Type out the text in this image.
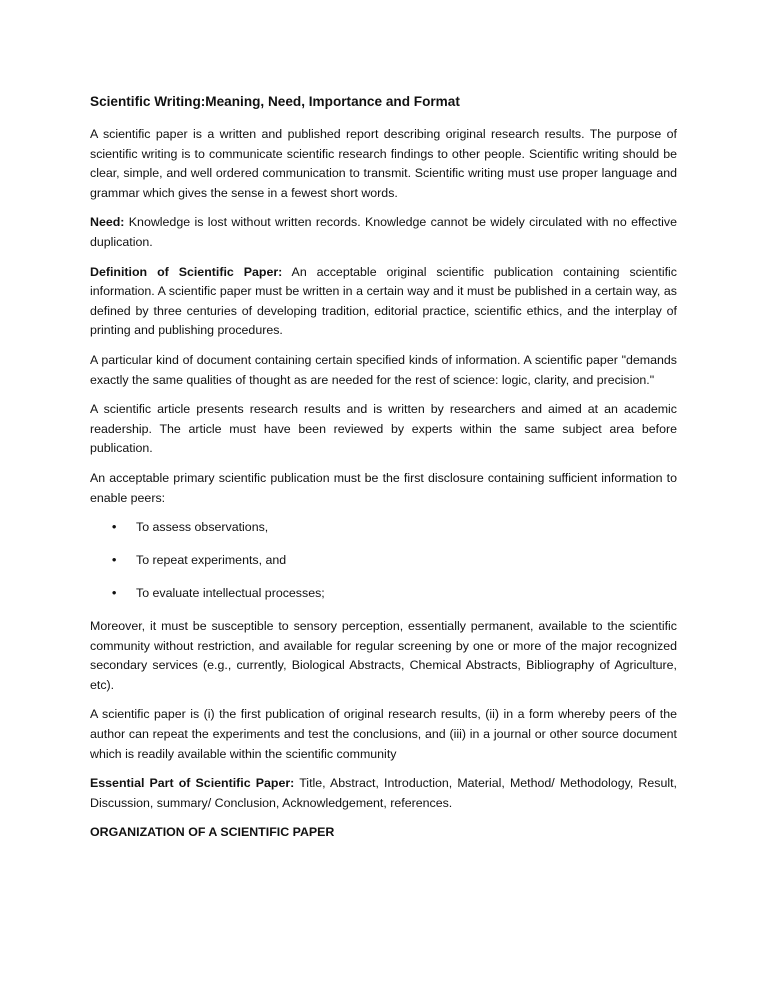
Scientific Writing:Meaning, Need, Importance and Format

A scientific paper is a written and published report describing original research results. The purpose of scientific writing is to communicate scientific research findings to other people. Scientific writing should be clear, simple, and well ordered communication to transmit. Scientific writing must use proper language and grammar which gives the sense in a fewest short words.

Need: Knowledge is lost without written records. Knowledge cannot be widely circulated with no effective duplication.

Definition of Scientific Paper: An acceptable original scientific publication containing scientific information. A scientific paper must be written in a certain way and it must be published in a certain way, as defined by three centuries of developing tradition, editorial practice, scientific ethics, and the interplay of printing and publishing procedures.

A particular kind of document containing certain specified kinds of information. A scientific paper "demands exactly the same qualities of thought as are needed for the rest of science: logic, clarity, and precision."

A scientific article presents research results and is written by researchers and aimed at an academic readership. The article must have been reviewed by experts within the same subject area before publication.

An acceptable primary scientific publication must be the first disclosure containing sufficient information to enable peers:

• To assess observations,
• To repeat experiments, and
• To evaluate intellectual processes;

Moreover, it must be susceptible to sensory perception, essentially permanent, available to the scientific community without restriction, and available for regular screening by one or more of the major recognized secondary services (e.g., currently, Biological Abstracts, Chemical Abstracts, Bibliography of Agriculture, etc).

A scientific paper is (i) the first publication of original research results, (ii) in a form whereby peers of the author can repeat the experiments and test the conclusions, and (iii) in a journal or other source document which is readily available within the scientific community

Essential Part of Scientific Paper: Title, Abstract, Introduction, Material, Method/ Methodology, Result, Discussion, summary/ Conclusion, Acknowledgement, references.

ORGANIZATION OF A SCIENTIFIC PAPER
